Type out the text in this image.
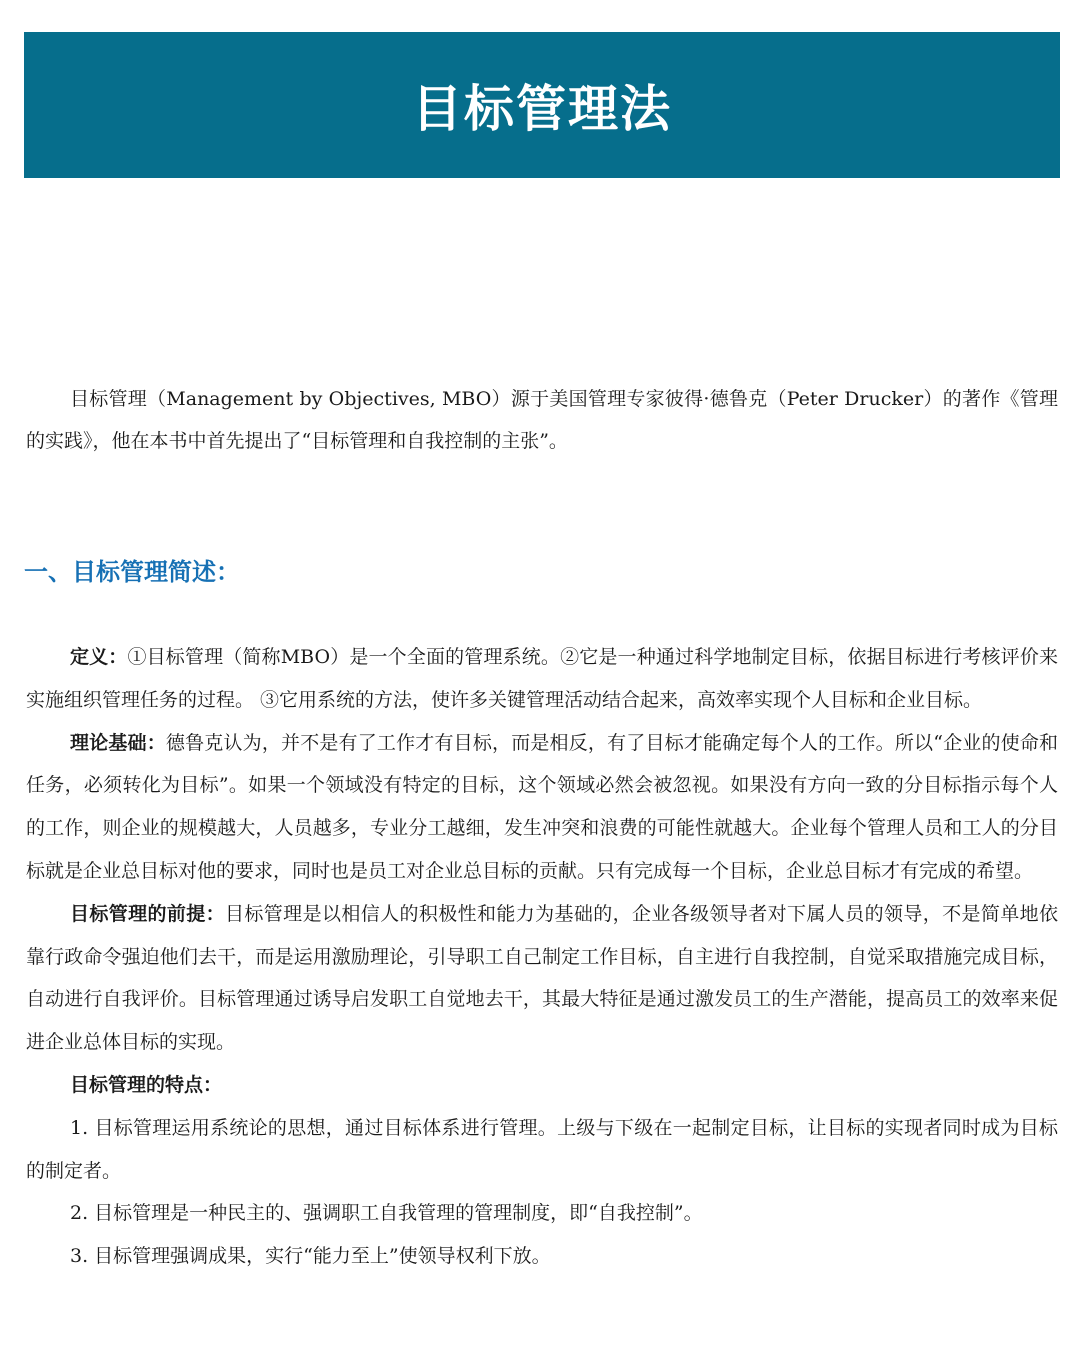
目标管理法

目标管理（Management by Objectives, MBO）源于美国管理专家彼得·德鲁克（Peter Drucker）的著作《管理的实践》，他在本书中首先提出了“目标管理和自我控制的主张”。

一、目标管理简述：

定义：①目标管理（简称MBO）是一个全面的管理系统。②它是一种通过科学地制定目标，依据目标进行考核评价来实施组织管理任务的过程。 ③它用系统的方法，使许多关键管理活动结合起来，高效率实现个人目标和企业目标。

理论基础：德鲁克认为，并不是有了工作才有目标，而是相反，有了目标才能确定每个人的工作。所以“企业的使命和任务，必须转化为目标”。如果一个领域没有特定的目标，这个领域必然会被忽视。如果没有方向一致的分目标指示每个人的工作，则企业的规模越大，人员越多，专业分工越细，发生冲突和浪费的可能性就越大。企业每个管理人员和工人的分目标就是企业总目标对他的要求，同时也是员工对企业总目标的贡献。只有完成每一个目标，企业总目标才有完成的希望。

目标管理的前提：目标管理是以相信人的积极性和能力为基础的，企业各级领导者对下属人员的领导，不是简单地依靠行政命令强迫他们去干，而是运用激励理论，引导职工自己制定工作目标，自主进行自我控制，自觉采取措施完成目标，自动进行自我评价。目标管理通过诱导启发职工自觉地去干，其最大特征是通过激发员工的生产潜能，提高员工的效率来促进企业总体目标的实现。

目标管理的特点：

1. 目标管理运用系统论的思想，通过目标体系进行管理。上级与下级在一起制定目标，让目标的实现者同时成为目标的制定者。

2. 目标管理是一种民主的、强调职工自我管理的管理制度，即“自我控制”。

3. 目标管理强调成果，实行“能力至上”使领导权利下放。
